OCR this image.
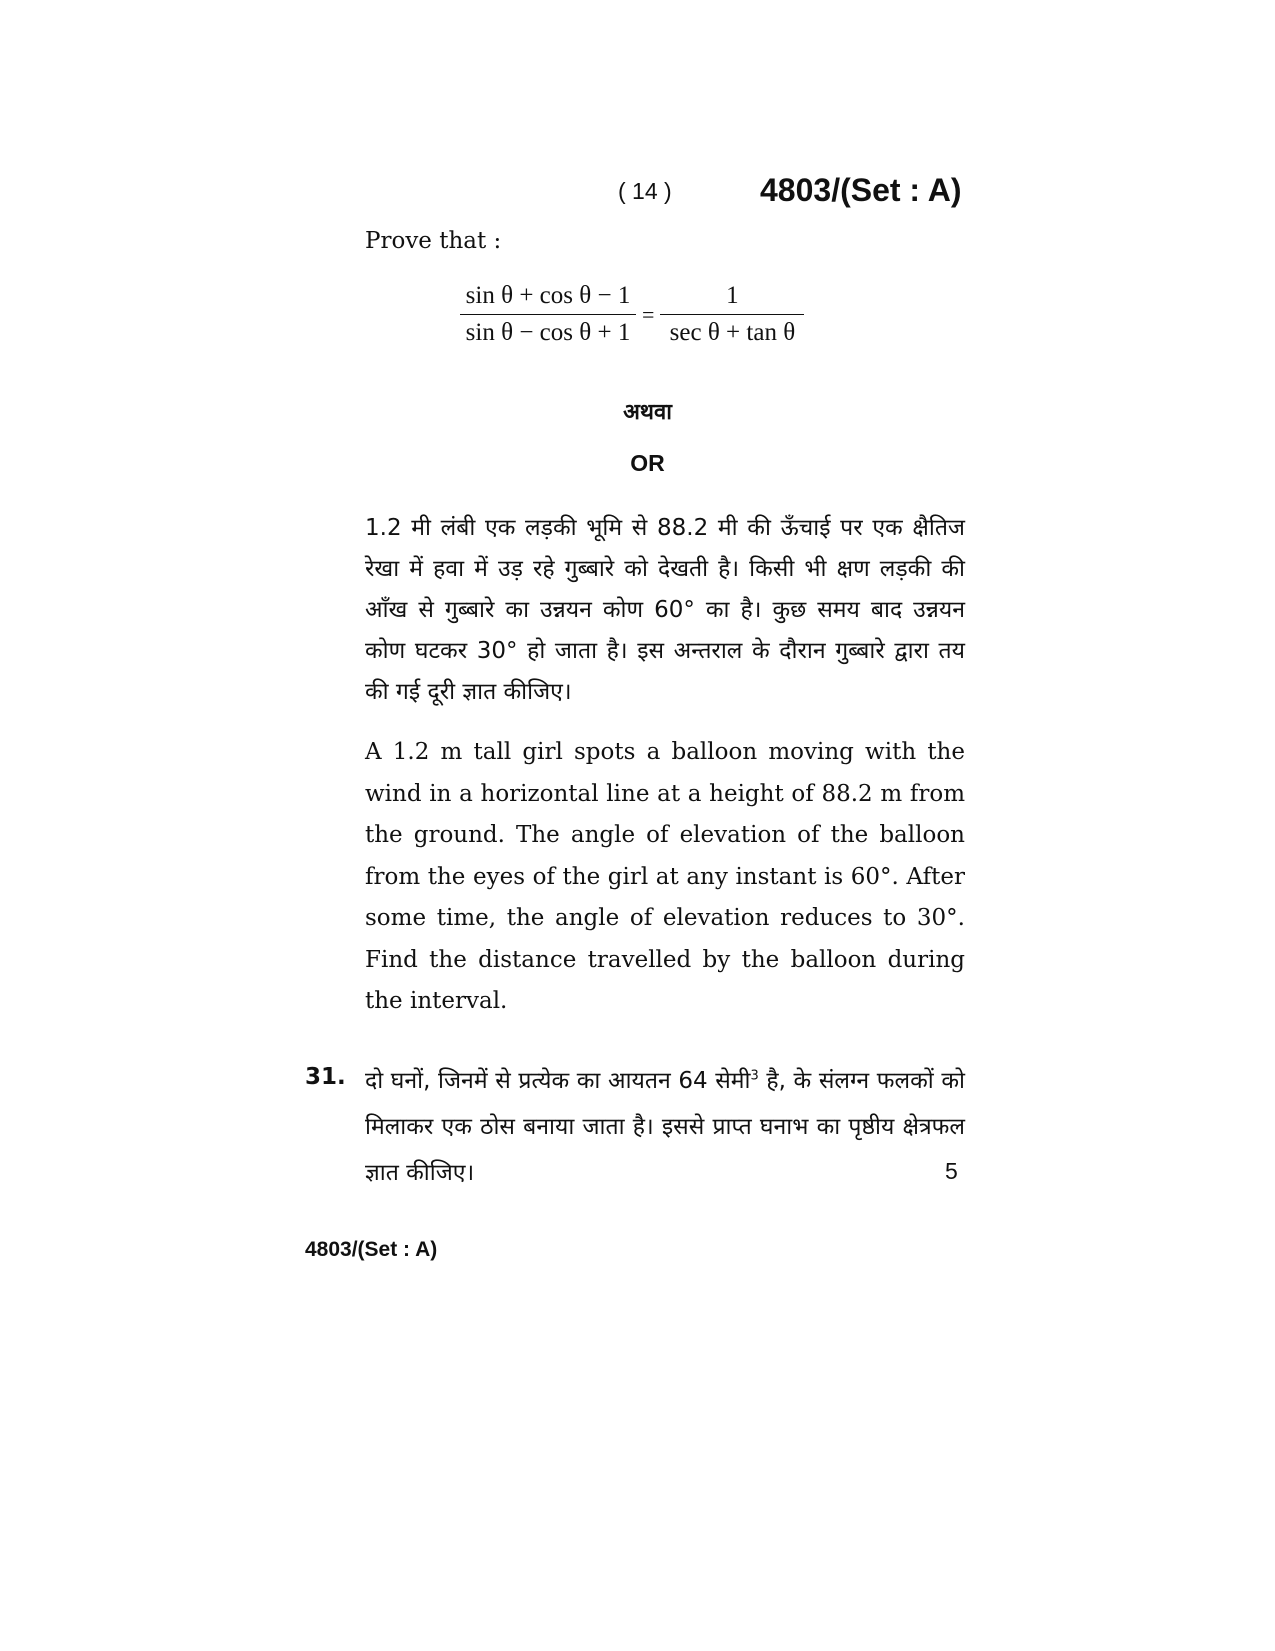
( 14 )	4803/(Set : A)
Prove that :
$\frac{\text{sin θ + cos θ − 1}}{\text{sin θ − cos θ + 1}} = \frac{1}{\text{sec θ + tan θ}}$
अथवा
OR
1.2 मी लंबी एक लड़की भूमि से 88.2 मी की ऊँचाई पर एक क्षैतिज रेखा में हवा में उड़ रहे गुब्बारे को देखती है। किसी भी क्षण लड़की की आँख से गुब्बारे का उन्नयन कोण 60° का है। कुछ समय बाद उन्नयन कोण घटकर 30° हो जाता है। इस अन्तराल के दौरान गुब्बारे द्वारा तय की गई दूरी ज्ञात कीजिए।
A 1.2 m tall girl spots a balloon moving with the wind in a horizontal line at a height of 88.2 m from the ground. The angle of elevation of the balloon from the eyes of the girl at any instant is 60°. After some time, the angle of elevation reduces to 30°. Find the distance travelled by the balloon during the interval.
31. दो घनों, जिनमें से प्रत्येक का आयतन 64 सेमी$^3$ है, के संलग्न फलकों को मिलाकर एक ठोस बनाया जाता है। इससे प्राप्त घनाभ का पृष्ठीय क्षेत्रफल ज्ञात कीजिए।	5
4803/(Set : A)
